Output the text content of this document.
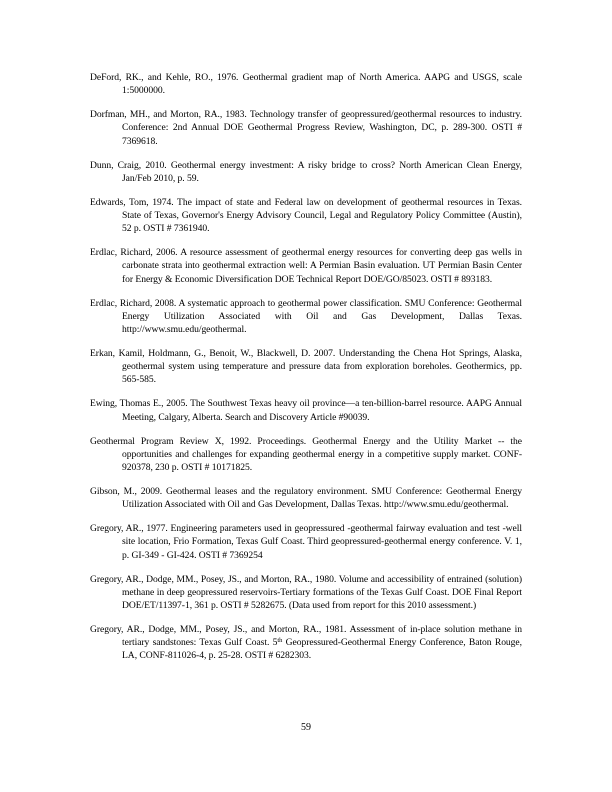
DeFord, RK., and Kehle, RO., 1976. Geothermal gradient map of North America. AAPG and USGS, scale 1:5000000.

Dorfman, MH., and Morton, RA., 1983. Technology transfer of geopressured/geothermal resources to industry. Conference: 2nd Annual DOE Geothermal Progress Review, Washington, DC, p. 289-300. OSTI # 7369618.

Dunn, Craig, 2010. Geothermal energy investment: A risky bridge to cross? North American Clean Energy, Jan/Feb 2010, p. 59.

Edwards, Tom, 1974. The impact of state and Federal law on development of geothermal resources in Texas. State of Texas, Governor's Energy Advisory Council, Legal and Regulatory Policy Committee (Austin), 52 p. OSTI # 7361940.

Erdlac, Richard, 2006. A resource assessment of geothermal energy resources for converting deep gas wells in carbonate strata into geothermal extraction well: A Permian Basin evaluation. UT Permian Basin Center for Energy & Economic Diversification DOE Technical Report DOE/GO/85023. OSTI # 893183.

Erdlac, Richard, 2008. A systematic approach to geothermal power classification. SMU Conference: Geothermal Energy Utilization Associated with Oil and Gas Development, Dallas Texas. http://www.smu.edu/geothermal.

Erkan, Kamil, Holdmann, G., Benoit, W., Blackwell, D. 2007. Understanding the Chena Hot Springs, Alaska, geothermal system using temperature and pressure data from exploration boreholes. Geothermics, pp. 565-585.

Ewing, Thomas E., 2005. The Southwest Texas heavy oil province—a ten-billion-barrel resource. AAPG Annual Meeting, Calgary, Alberta. Search and Discovery Article #90039.

Geothermal Program Review X, 1992. Proceedings. Geothermal Energy and the Utility Market -- the opportunities and challenges for expanding geothermal energy in a competitive supply market. CONF-920378, 230 p. OSTI # 10171825.

Gibson, M., 2009. Geothermal leases and the regulatory environment. SMU Conference: Geothermal Energy Utilization Associated with Oil and Gas Development, Dallas Texas. http://www.smu.edu/geothermal.

Gregory, AR., 1977. Engineering parameters used in geopressured -geothermal fairway evaluation and test -well site location, Frio Formation, Texas Gulf Coast. Third geopressured-geothermal energy conference. V. 1, p. GI-349 - GI-424. OSTI # 7369254

Gregory, AR., Dodge, MM., Posey, JS., and Morton, RA., 1980. Volume and accessibility of entrained (solution) methane in deep geopressured reservoirs-Tertiary formations of the Texas Gulf Coast. DOE Final Report DOE/ET/11397-1, 361 p. OSTI # 5282675. (Data used from report for this 2010 assessment.)

Gregory, AR., Dodge, MM., Posey, JS., and Morton, RA., 1981. Assessment of in-place solution methane in tertiary sandstones: Texas Gulf Coast. 5th Geopressured-Geothermal Energy Conference, Baton Rouge, LA, CONF-811026-4, p. 25-28. OSTI # 6282303.

59
